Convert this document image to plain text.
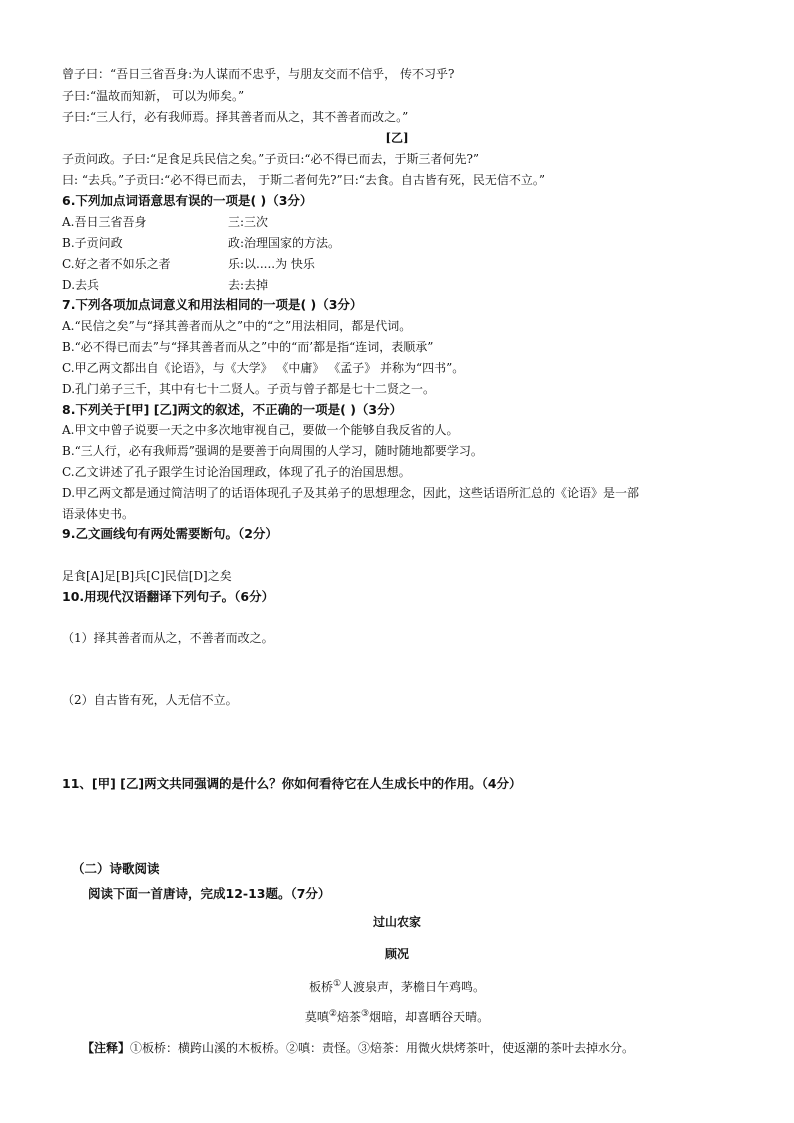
曾子曰：“吾日三省吾身:为人谋而不忠乎，与朋友交而不信乎， 传不习乎?
子曰:“温故而知新， 可以为师矣。”
子曰:“三人行，必有我师焉。择其善者而从之，其不善者而改之。”
[乙]
子贡问政。子曰:“足食足兵民信之矣。”子贡曰:“必不得已而去，于斯三者何先?”
曰: “去兵。”子贡曰:“必不得已而去， 于斯二者何先?”曰:“去食。自古皆有死，民无信不立。”
6.下列加点词语意思有误的一项是( )（3分）
A.吾日三省吾身	三:三次
B.子贡问政	政:治理国家的方法。
C.好之者不如乐之者	乐:以.....为 快乐
D.去兵	去:去掉
7.下列各项加点词意义和用法相同的一项是( )（3分）
A.“民信之矣”与“择其善者而从之”中的“之”用法相同，都是代词。
B.“必不得已而去”与“择其善者而从之”中的“而’都是指“连词，表顺承”
C.甲乙两文都出自《论语》，与《大学》 《中庸》 《孟子》 并称为“四书”。
D.孔门弟子三千，其中有七十二贤人。子贡与曾子都是七十二贤之一。
8.下列关于[甲] [乙]两文的叙述，不正确的一项是( )（3分）
A.甲文中曾子说要一天之中多次地审视自己，要做一个能够自我反省的人。
B.“三人行，必有我师焉”强调的是要善于向周围的人学习，随时随地都要学习。
C.乙文讲述了孔子跟学生讨论治国理政，体现了孔子的治国思想。
D.甲乙两文都是通过简洁明了的话语体现孔子及其弟子的思想理念，因此，这些话语所汇总的《论语》是一部
语录体史书。
9.乙文画线句有两处需要断句。（2分）
足食[A]足[B]兵[C]民信[D]之矣
10.用现代汉语翻译下列句子。（6分）
（1）择其善者而从之，不善者而改之。
（2）自古皆有死，人无信不立。
11、[甲] [乙]两文共同强调的是什么？你如何看待它在人生成长中的作用。（4分）
（二）诗歌阅读
阅读下面一首唐诗，完成12-13题。（7分）
过山农家
顾况
板桥①人渡泉声，茅檐日午鸡鸣。
莫嗔②焙茶③烟暗，却喜晒谷天晴。
【注释】①板桥：横跨山溪的木板桥。②嗔：责怪。③焙茶：用微火烘烤茶叶，使返潮的茶叶去掉水分。
